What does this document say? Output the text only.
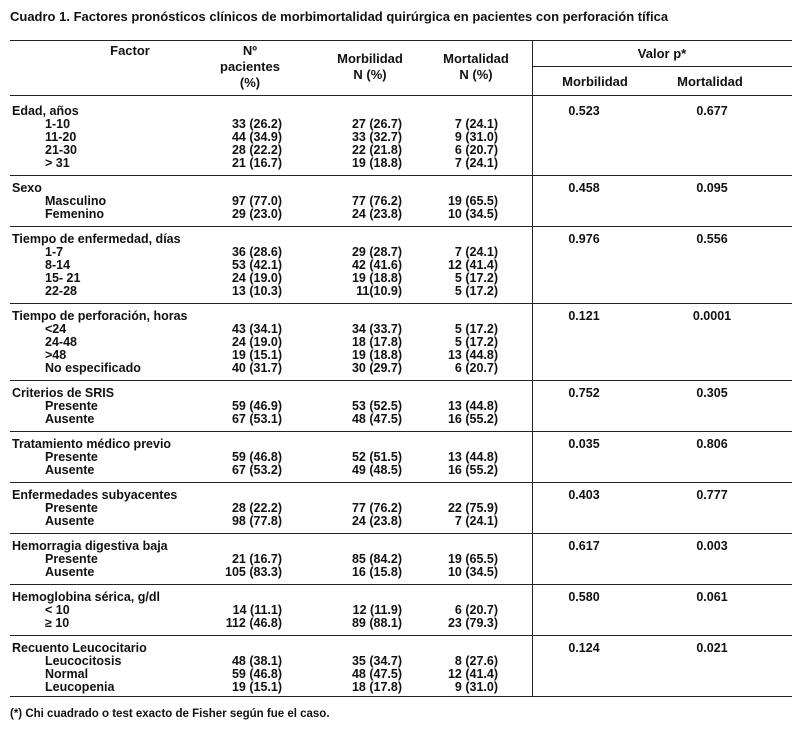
Cuadro 1. Factores pronósticos clínicos de morbimortalidad quirúrgica en pacientes con perforación tífica
Factor	Nº
pacientes
(%)
Morbilidad
N (%)
Mortalidad
N (%)
Valor p*
Morbilidad	Mortalidad
Edad, años	0.523	0.677
1-10	33 (26.2)	27 (26.7)	7 (24.1)
11-20	44 (34.9)	33 (32.7)	9 (31.0)
21-30	28 (22.2)	22 (21.8)	6 (20.7)
> 31	21 (16.7)	19 (18.8)	7 (24.1)
Sexo	0.458	0.095
Masculino	97 (77.0)	77 (76.2)	19 (65.5)
Femenino	29 (23.0)	24 (23.8)	10 (34.5)
Tiempo de enfermedad, días	0.976	0.556
1-7	36 (28.6)	29 (28.7)	7 (24.1)
8-14	53 (42.1)	42 (41.6)	12 (41.4)
15- 21	24 (19.0)	19 (18.8)	5 (17.2)
22-28	13 (10.3)	11(10.9)	5 (17.2)
Tiempo de perforación, horas	0.121	0.0001
<24	43 (34.1)	34 (33.7)	5 (17.2)
24-48	24 (19.0)	18 (17.8)	5 (17.2)
>48	19 (15.1)	19 (18.8)	13 (44.8)
No especificado	40 (31.7)	30 (29.7)	6 (20.7)
Criterios de SRIS	0.752	0.305
Presente	59 (46.9)	53 (52.5)	13 (44.8)
Ausente	67 (53.1)	48 (47.5)	16 (55.2)
Tratamiento médico previo	0.035	0.806
Presente	59 (46.8)	52 (51.5)	13 (44.8)
Ausente	67 (53.2)	49 (48.5)	16 (55.2)
Enfermedades subyacentes	0.403	0.777
Presente	28 (22.2)	77 (76.2)	22 (75.9)
Ausente	98 (77.8)	24 (23.8)	7 (24.1)
Hemorragia digestiva baja	0.617	0.003
Presente	21 (16.7)	85 (84.2)	19 (65.5)
Ausente	105 (83.3)	16 (15.8)	10 (34.5)
Hemoglobina sérica, g/dl	0.580	0.061
< 10	14 (11.1)	12 (11.9)	6 (20.7)
≥ 10	112 (46.8)	89 (88.1)	23 (79.3)
Recuento Leucocitario	0.124	0.021
Leucocitosis	48 (38.1)	35 (34.7)	8 (27.6)
Normal	59 (46.8)	48 (47.5)	12 (41.4)
Leucopenia	19 (15.1)	18 (17.8)	9 (31.0)
(*) Chi cuadrado o test exacto de Fisher según fue el caso.
